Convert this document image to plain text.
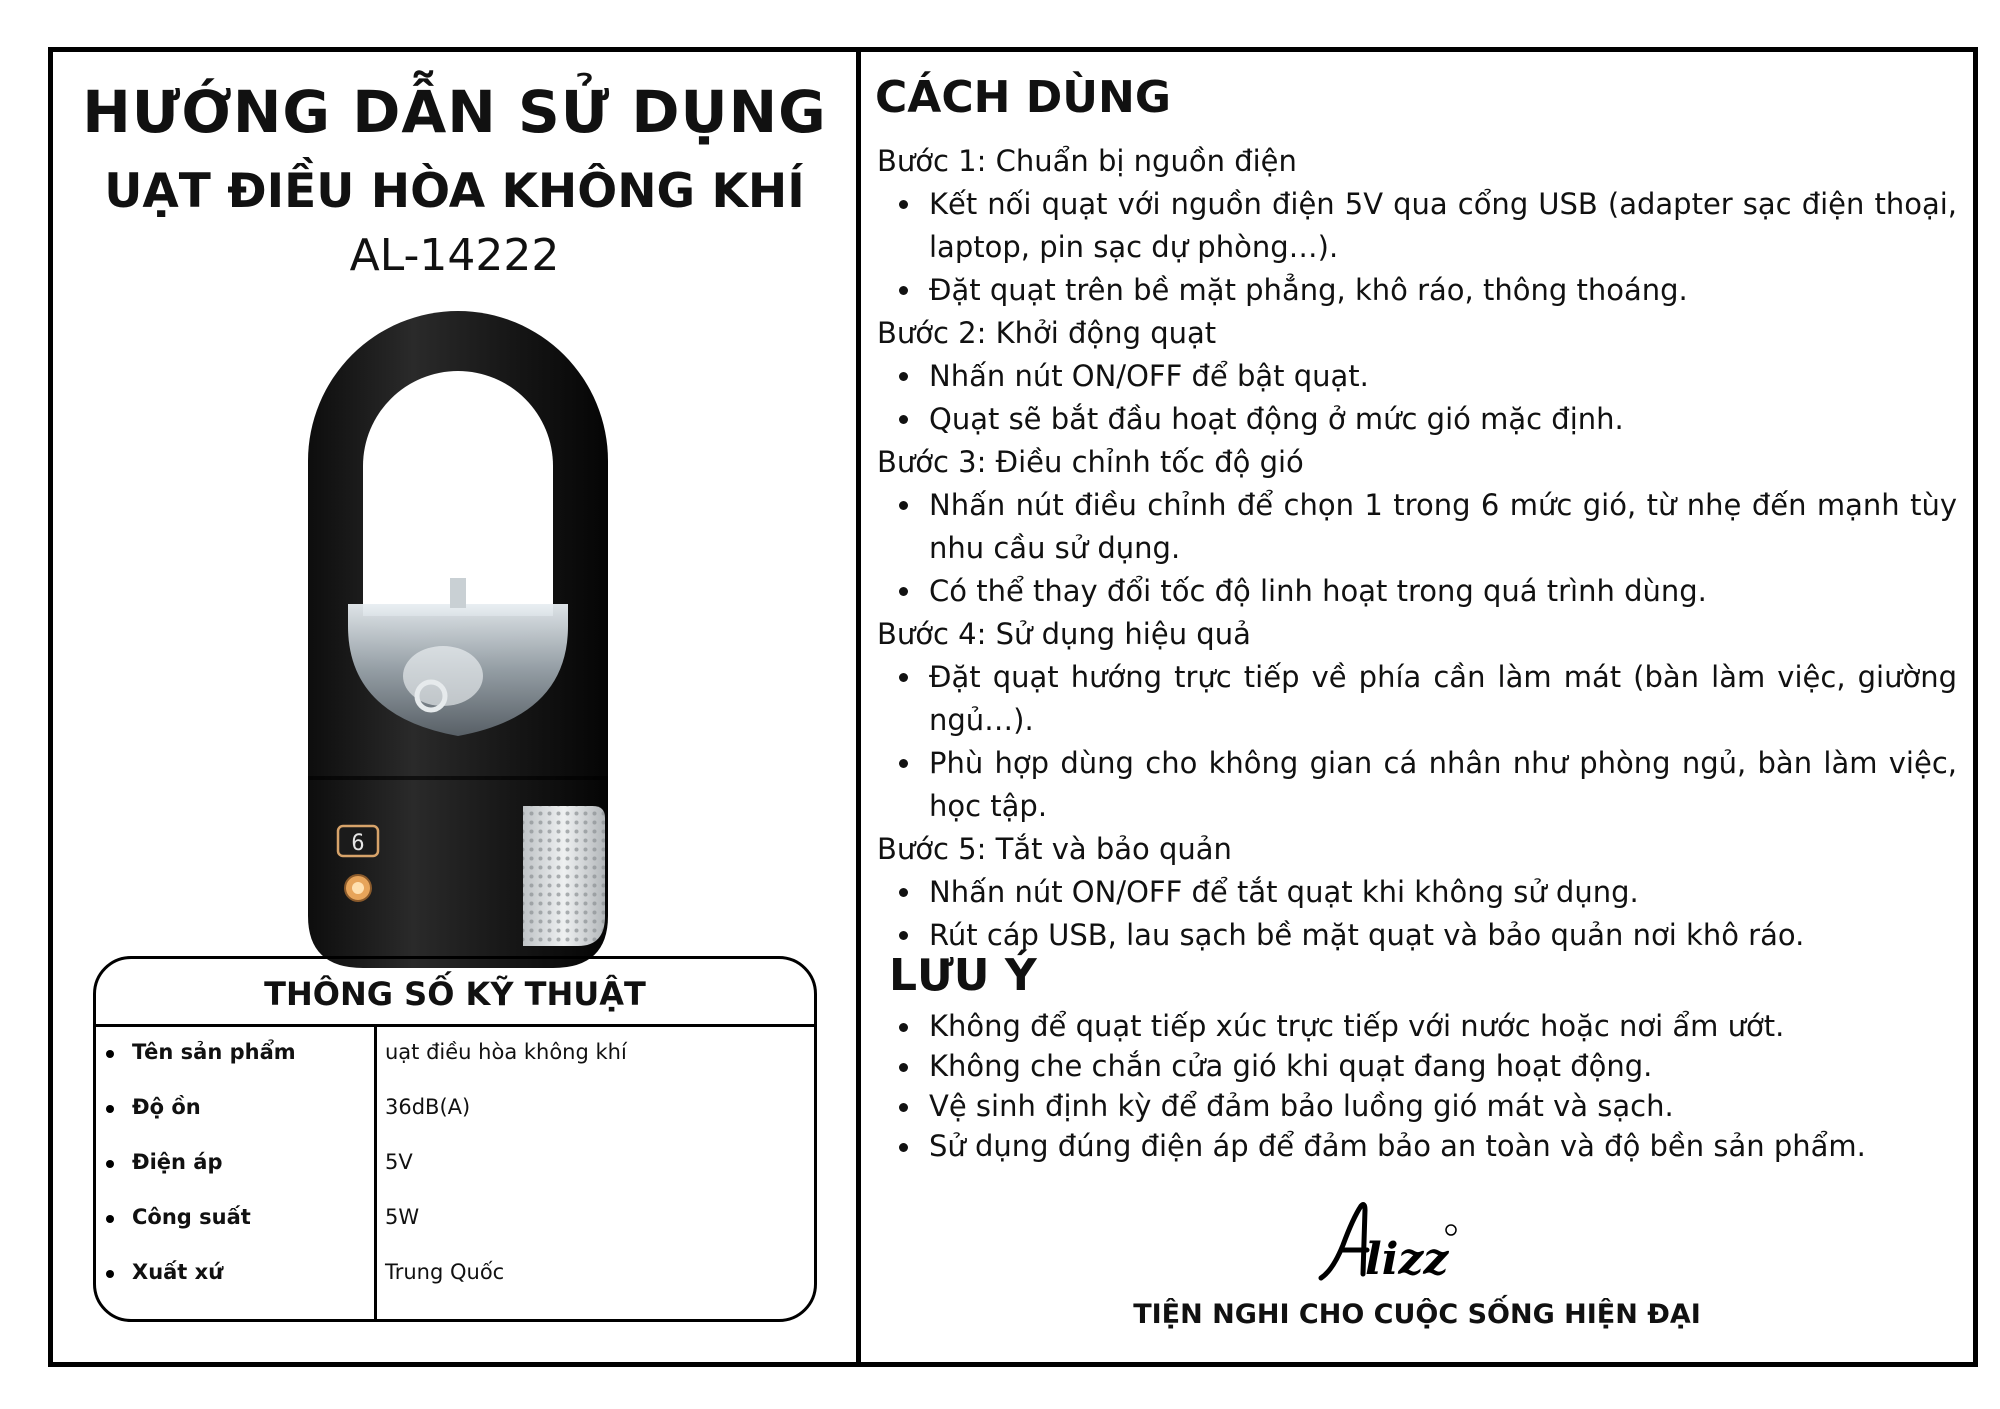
HƯỚNG DẪN SỬ DỤNG
UẠT ĐIỀU HÒA KHÔNG KHÍ
AL-14222
6
THÔNG SỐ KỸ THUẬT
Tên sản phẩm	uạt điều hòa không khí
Độ ồn	36dB(A)
Điện áp	5V
Công suất	5W
Xuất xứ	Trung Quốc
CÁCH DÙNG
Bước 1: Chuẩn bị nguồn điện
Kết nối quạt với nguồn điện 5V qua cổng USB (adapter sạc điện thoại, laptop, pin sạc dự phòng…).
Đặt quạt trên bề mặt phẳng, khô ráo, thông thoáng.
Bước 2: Khởi động quạt
Nhấn nút ON/OFF để bật quạt.
Quạt sẽ bắt đầu hoạt động ở mức gió mặc định.
Bước 3: Điều chỉnh tốc độ gió
Nhấn nút điều chỉnh để chọn 1 trong 6 mức gió, từ nhẹ đến mạnh tùy nhu cầu sử dụng.
Có thể thay đổi tốc độ linh hoạt trong quá trình dùng.
Bước 4: Sử dụng hiệu quả
Đặt quạt hướng trực tiếp về phía cần làm mát (bàn làm việc, giường ngủ…).
Phù hợp dùng cho không gian cá nhân như phòng ngủ, bàn làm việc, học tập.
Bước 5: Tắt và bảo quản
Nhấn nút ON/OFF để tắt quạt khi không sử dụng.
Rút cáp USB, lau sạch bề mặt quạt và bảo quản nơi khô ráo.
LƯU Ý
Không để quạt tiếp xúc trực tiếp với nước hoặc nơi ẩm ướt.
Không che chắn cửa gió khi quạt đang hoạt động.
Vệ sinh định kỳ để đảm bảo luồng gió mát và sạch.
Sử dụng đúng điện áp để đảm bảo an toàn và độ bền sản phẩm.
lizz
TIỆN NGHI CHO CUỘC SỐNG HIỆN ĐẠI
